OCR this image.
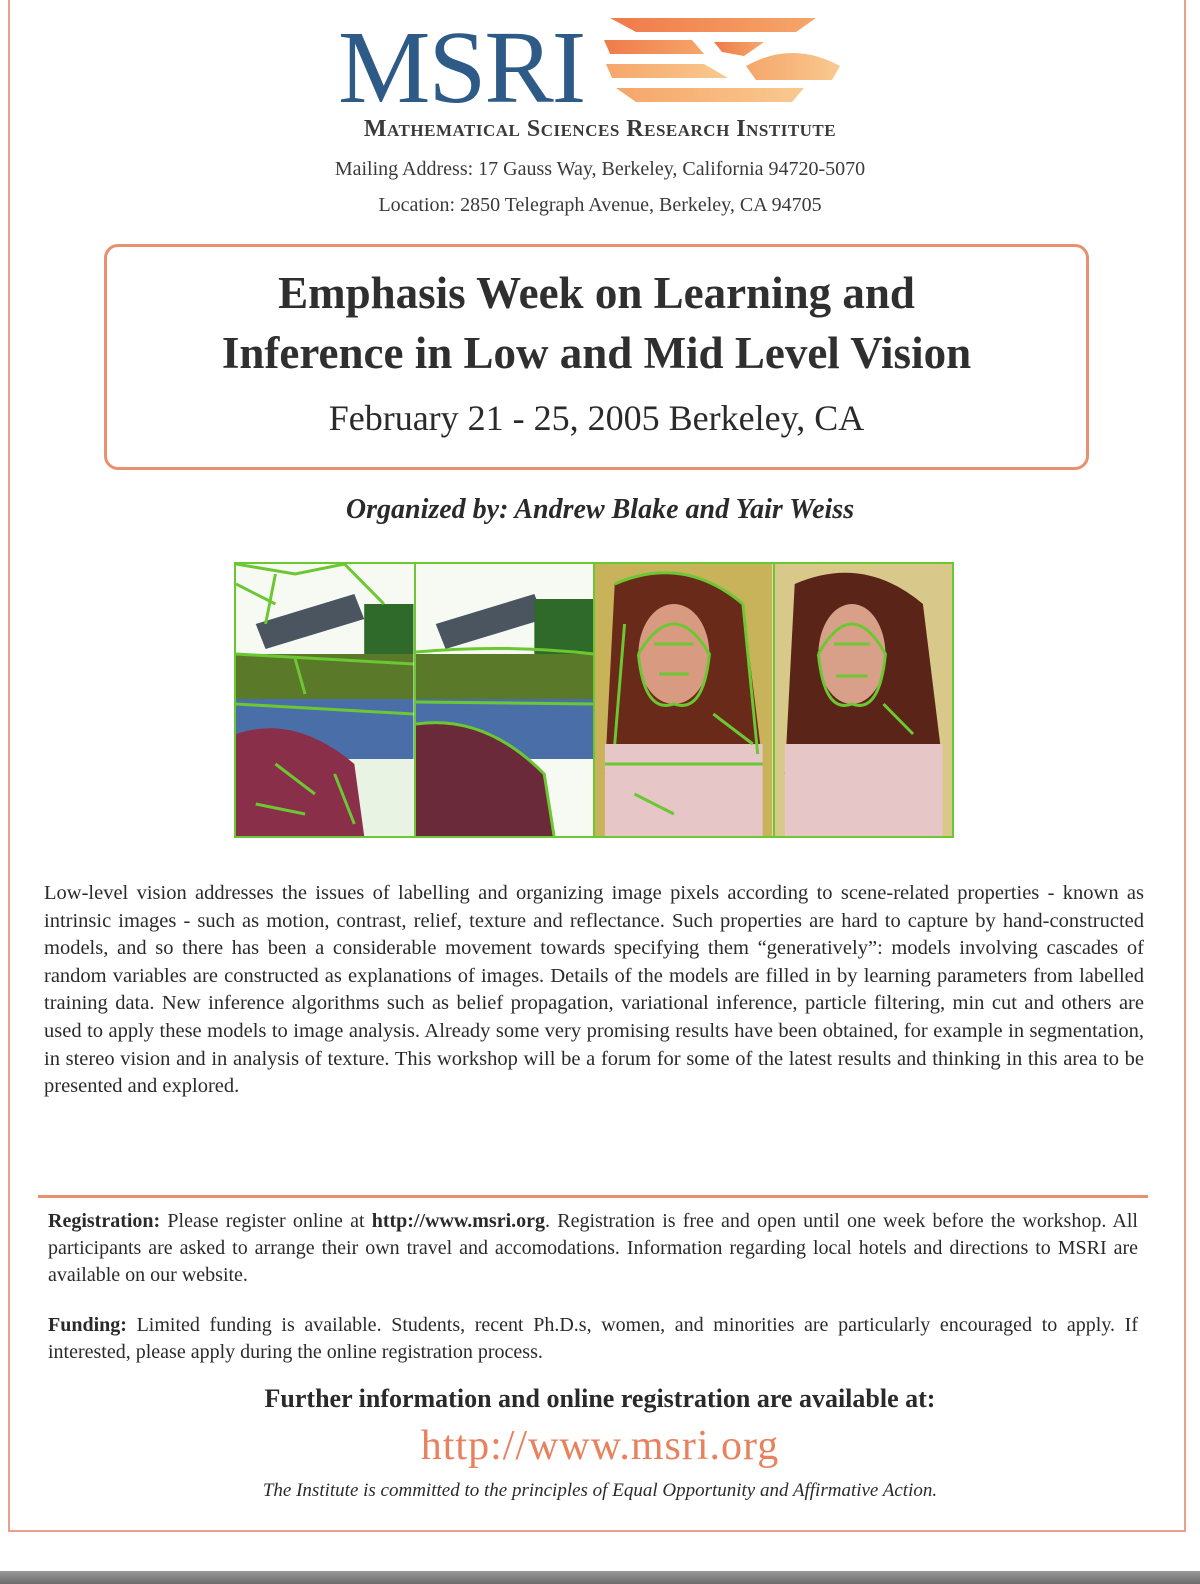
MSRI
Mathematical Sciences Research Institute
Mailing Address: 17 Gauss Way, Berkeley, California 94720-5070
Location: 2850 Telegraph Avenue, Berkeley, CA 94705
Emphasis Week on Learning and
Inference in Low and Mid Level Vision
February 21 - 25, 2005 Berkeley, CA
Organized by: Andrew Blake and Yair Weiss
Low-level vision addresses the issues of labelling and organizing image pixels according to scene-related properties - known as intrinsic images - such as motion, contrast, relief, texture and reflectance. Such properties are hard to capture by hand-constructed models, and so there has been a considerable movement towards specifying them “generatively”: models involving cascades of random variables are constructed as explanations of images. Details of the models are filled in by learning parameters from labelled training data. New inference algorithms such as belief propagation, variational inference, particle filtering, min cut and others are used to apply these models to image analysis. Already some very promising results have been obtained, for example in segmentation, in stereo vision and in analysis of texture. This workshop will be a forum for some of the latest results and thinking in this area to be presented and explored.
Registration: Please register online at http://www.msri.org. Registration is free and open until one week before the workshop. All participants are asked to arrange their own travel and accomodations. Information regarding local hotels and directions to MSRI are available on our website.
Funding: Limited funding is available. Students, recent Ph.D.s, women, and minorities are particularly encouraged to apply. If interested, please apply during the online registration process.
Further information and online registration are available at:
http://www.msri.org
The Institute is committed to the principles of Equal Opportunity and Affirmative Action.
